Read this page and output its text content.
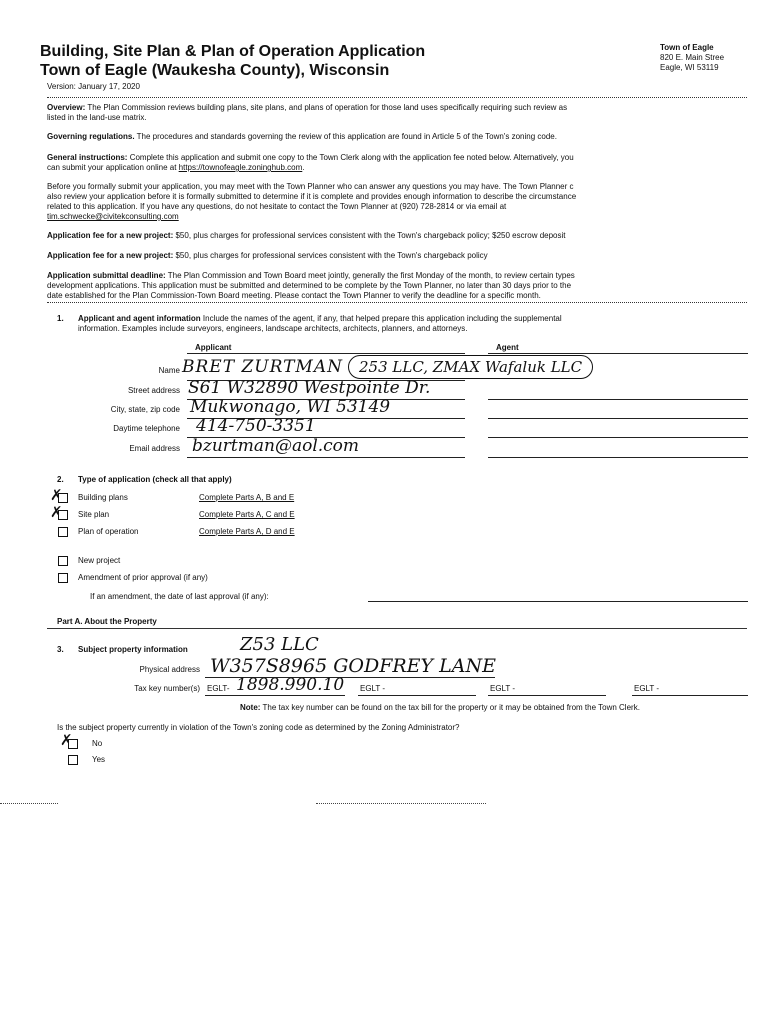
Building, Site Plan & Plan of Operation Application
Town of Eagle (Waukesha County), Wisconsin
Version: January 17, 2020
Town of Eagle
820 E. Main Stree
Eagle, WI 53119
Overview: The Plan Commission reviews building plans, site plans, and plans of operation for those land uses specifically requiring such review as
listed in the land-use matrix.
Governing regulations. The procedures and standards governing the review of this application are found in Article 5 of the Town's zoning code.
General instructions: Complete this application and submit one copy to the Town Clerk along with the application fee noted below. Alternatively, you
can submit your application online at https://townofeagle.zoninghub.com.
Before you formally submit your application, you may meet with the Town Planner who can answer any questions you may have. The Town Planner c
also review your application before it is formally submitted to determine if it is complete and provides enough information to describe the circumstance
related to this application. If you have any questions, do not hesitate to contact the Town Planner at (920) 728-2814 or via email at
tim.schwecke@civitekconsulting.com
Application fee for a new project: $50, plus charges for professional services consistent with the Town's chargeback policy; $250 escrow deposit
Application fee for a new project: $50, plus charges for professional services consistent with the Town's chargeback policy
Application submittal deadline: The Plan Commission and Town Board meet jointly, generally the first Monday of the month, to review certain types
development applications. This application must be submitted and determined to be complete by the Town Planner, no later than 30 days prior to the
date established for the Plan Commission-Town Board meeting. Please contact the Town Planner to verify the deadline for a specific month.
1. Applicant and agent information Include the names of the agent, if any, that helped prepare this application including the supplemental
information. Examples include surveyors, engineers, landscape architects, architects, planners, and attorneys.
Applicant	Agent
Name BRET ZURTMAN	253 LLC, ZMAX Wafaluk LLC
Street address S61 W32890 Westpointe Dr.
City, state, zip code Mukwonago, WI 53149
Daytime telephone 414-750-3351
Email address bzurtman@aol.com
2. Type of application (check all that apply)
✗ Building plans	Complete Parts A, B and E
✗ Site plan	Complete Parts A, C and E
Plan of operation	Complete Parts A, D and E
New project
Amendment of prior approval (if any)
If an amendment, the date of last approval (if any):
Part A. About the Property
3. Subject property information	Z53 LLC
Physical address W357S8965 GODFREY LANE
Tax key number(s) EGLT- 1898.990.10 EGLT -	EGLT -	EGLT -
Note: The tax key number can be found on the tax bill for the property or it may be obtained from the Town Clerk.
Is the subject property currently in violation of the Town's zoning code as determined by the Zoning Administrator?
✗ No
Yes
